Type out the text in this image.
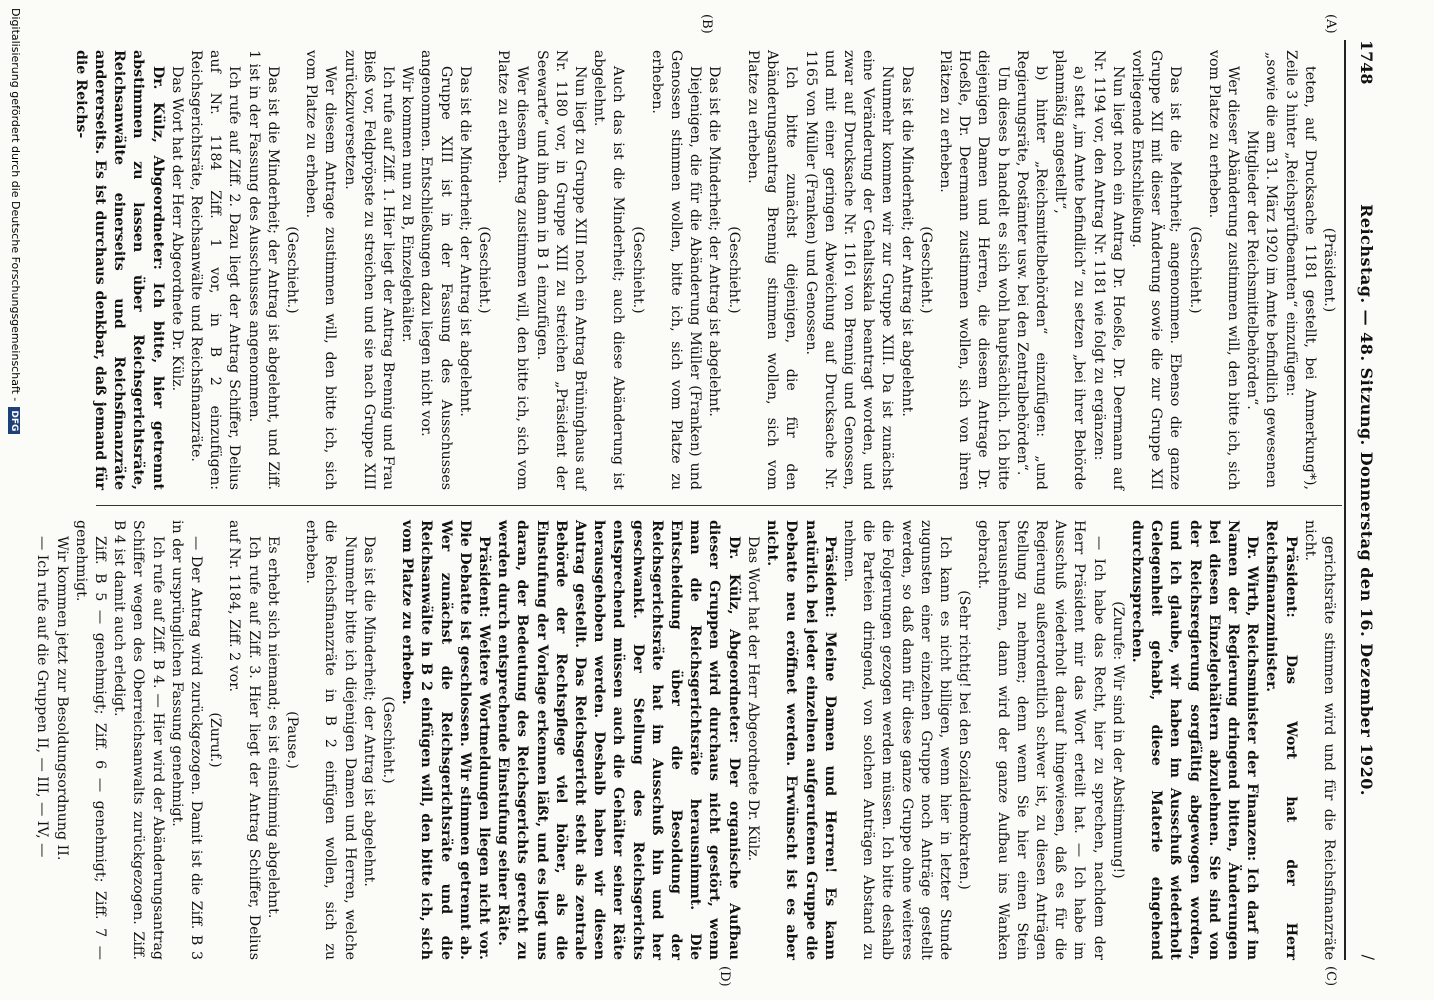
1748
Reichstag. — 48. Sitzung. Donnerstag den 16. Dezember 1920.
/
(A)
(B)
(C)
(D)

(Präsident.)

teten, auf Drucksache 1181 gestellt, bei Anmerkung*), Zeile 3 hinter „Reichsprüfbeamten“ einzufügen:

„sowie die am 31. März 1920 im Amte befindlich gewesenen Mitglieder der Reichsmittelbehörden“.

Wer dieser Abänderung zustimmen will, den bitte ich, sich vom Platze zu erheben.

(Geschieht.)

Das ist die Mehrheit; angenommen. Ebenso die ganze Gruppe XII mit dieser Änderung sowie die zur Gruppe XII vorliegende Entschließung.

Nun liegt noch ein Antrag Dr. Hoeßle, Dr. Deermann auf Nr. 1194 vor, den Antrag Nr. 1181 wie folgt zu ergänzen:

a) statt „im Amte befindlich“ zu setzen „bei ihrer Behörde planmäßig angestellt“,

b) hinter „Reichsmittelbehörden“ einzufügen: „und Regierungsräte, Postämter usw. bei den Zentralbehörden“.

Um dieses b handelt es sich wohl hauptsächlich. Ich bitte diejenigen Damen und Herren, die diesem Antrage Dr. Hoeßle, Dr. Deermann zustimmen wollen, sich von ihren Plätzen zu erheben.

(Geschieht.)

Das ist die Minderheit; der Antrag ist abgelehnt.

Nunmehr kommen wir zur Gruppe XIII. Da ist zunächst eine Veränderung der Gehaltsskala beantragt worden, und zwar auf Drucksache Nr. 1161 von Brennig und Genossen, und mit einer geringen Abweichung auf Drucksache Nr. 1165 von Müller (Franken) und Genossen.

Ich bitte zunächst diejenigen, die für den Abänderungsantrag Brennig stimmen wollen, sich vom Platze zu erheben.

(Geschieht.)

Das ist die Minderheit; der Antrag ist abgelehnt.

Diejenigen, die für die Abänderung Müller (Franken) und Genossen stimmen wollen, bitte ich, sich vom Platze zu erheben.

(Geschieht.)

Auch das ist die Minderheit; auch diese Abänderung ist abgelehnt.

Nun liegt zu Gruppe XIII noch ein Antrag Brüninghaus auf Nr. 1180 vor, in Gruppe XIII zu streichen „Präsident der Seewarte“ und ihn dann in B 1 einzufügen.

Wer diesem Antrag zustimmen will, den bitte ich, sich vom Platze zu erheben.

(Geschieht.)

Das ist die Minderheit; der Antrag ist abgelehnt.

Gruppe XIII ist in der Fassung des Ausschusses angenommen. Entschließungen dazu liegen nicht vor.

Wir kommen nun zu B, Einzelgehälter.

Ich rufe auf Ziff. 1. Hier liegt der Antrag Brennig und Frau Bieß vor, Feldpröpste zu streichen und sie nach Gruppe XIII zurückzuversetzen.

Wer diesem Antrage zustimmen will, den bitte ich, sich vom Platze zu erheben.

(Geschieht.)

Das ist die Minderheit; der Antrag ist abgelehnt, und Ziff. 1 ist in der Fassung des Ausschusses angenommen.

Ich rufe auf Ziff. 2. Dazu liegt der Antrag Schiffer, Delius auf Nr. 1184 Ziff. 1 vor, in B 2 einzufügen: Reichsgerichtsräte, Reichsanwälte und Reichsfinanzräte.

Das Wort hat der Herr Abgeordnete Dr. Külz.

Dr. Külz, Abgeordneter: Ich bitte, hier getrennt abstimmen zu lassen über Reichsgerichtsräte, Reichsanwälte einerseits und Reichsfinanzräte andererseits. Es ist durchaus denkbar, daß jemand für die Reichs-

gerichtsräte stimmen wird und für die Reichsfinanzräte nicht.

Präsident: Das Wort hat der Herr Reichsfinanzminister.

Dr. Wirth, Reichsminister der Finanzen: Ich darf im Namen der Regierung dringend bitten, Änderungen bei diesen Einzelgehältern abzulehnen. Sie sind von der Reichsregierung sorgfältig abgewogen worden, und ich glaube, wir haben im Ausschuß wiederholt Gelegenheit gehabt, diese Materie eingehend durchzusprechen.

(Zurufe: Wir sind in der Abstimmung!)

— Ich habe das Recht, hier zu sprechen, nachdem der Herr Präsident mir das Wort erteilt hat. — Ich habe im Ausschuß wiederholt darauf hingewiesen, daß es für die Regierung außerordentlich schwer ist, zu diesen Anträgen Stellung zu nehmen; denn wenn Sie hier einen Stein herausnehmen, dann wird der ganze Aufbau ins Wanken gebracht.

(Sehr richtig! bei den Sozialdemokraten.)

Ich kann es nicht billigen, wenn hier in letzter Stunde zugunsten einer einzelnen Gruppe noch Anträge gestellt werden, so daß dann für diese ganze Gruppe ohne weiteres die Folgerungen gezogen werden müssen. Ich bitte deshalb die Parteien dringend, von solchen Anträgen Abstand zu nehmen.

Präsident: Meine Damen und Herren! Es kann natürlich bei jeder einzelnen aufgerufenen Gruppe die Debatte neu eröffnet werden. Erwünscht ist es aber nicht.

Das Wort hat der Herr Abgeordnete Dr. Külz.

Dr. Külz, Abgeordneter: Der organische Aufbau dieser Gruppen wird durchaus nicht gestört, wenn man die Reichsgerichtsräte herausnimmt. Die Entscheidung über die Besoldung der Reichsgerichtsräte hat im Ausschuß hin und her geschwankt. Der Stellung des Reichsgerichts entsprechend müssen auch die Gehälter seiner Räte herausgehoben werden. Deshalb haben wir diesen Antrag gestellt. Das Reichsgericht steht als zentrale Behörde der Rechtspflege viel höher, als die Einstufung der Vorlage erkennen läßt, und es liegt uns daran, der Bedeutung des Reichsgerichts gerecht zu werden durch entsprechende Einstufung seiner Räte.

Präsident: Weitere Wortmeldungen liegen nicht vor. Die Debatte ist geschlossen. Wir stimmen getrennt ab. Wer zunächst die Reichsgerichtsräte und die Reichsanwälte in B 2 einfügen will, den bitte ich, sich vom Platze zu erheben.

(Geschieht.)

Das ist die Minderheit; der Antrag ist abgelehnt.

Nunmehr bitte ich diejenigen Damen und Herren, welche die Reichsfinanzräte in B 2 einfügen wollen, sich zu erheben.

(Pause.)

Es erhebt sich niemand; es ist einstimmig abgelehnt.

Ich rufe auf Ziff. 3. Hier liegt der Antrag Schiffer, Delius auf Nr. 1184, Ziff. 2 vor.

(Zuruf.)

— Der Antrag wird zurückgezogen. Damit ist die Ziff. B 3 in der ursprünglichen Fassung genehmigt.

Ich rufe auf Ziff. B 4. — Hier wird der Abänderungsantrag Schiffer wegen des Oberreichsanwalts zurückgezogen. Ziff. B 4 ist damit auch erledigt.

Ziff. B 5 — genehmigt; Ziff. 6 — genehmigt; Ziff. 7 — genehmigt.

Wir kommen jetzt zur Besoldungsordnung II.

— Ich rufe auf die Gruppen II, — III, — IV, —

Digitalisierung gefördert durch die Deutsche Forschungsgemeinschaft -DFG
